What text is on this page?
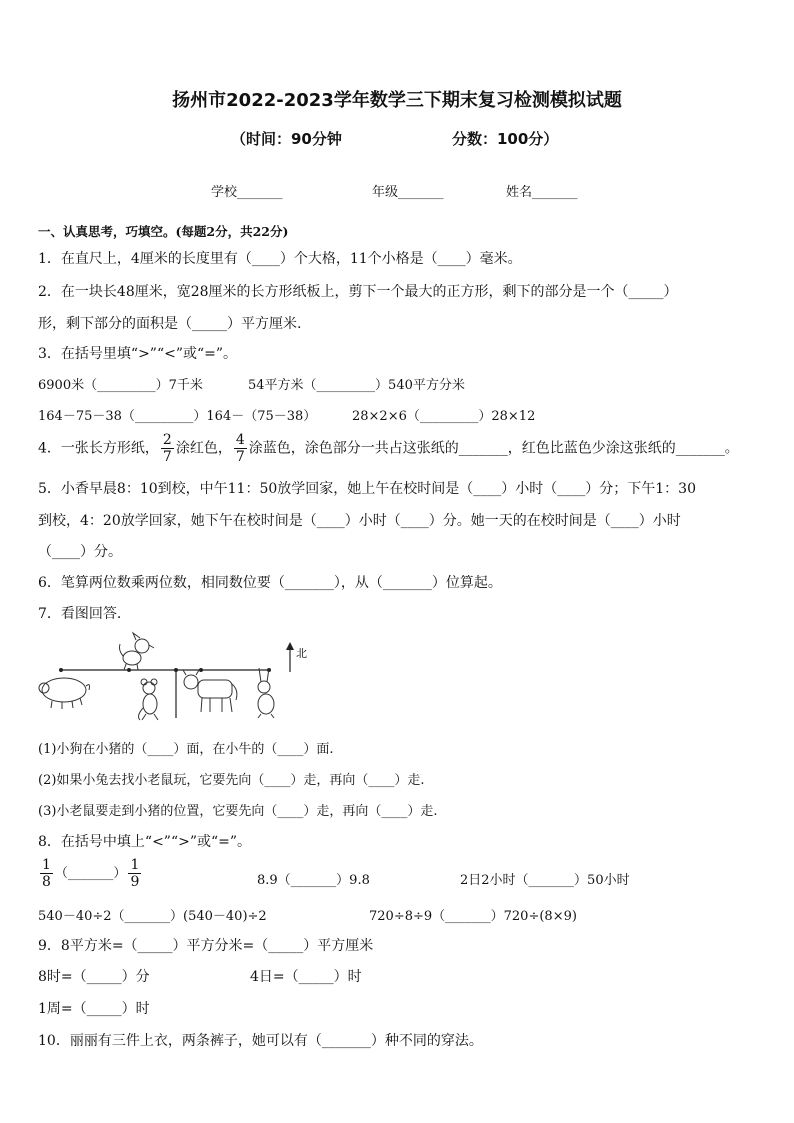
扬州市2022-2023学年数学三下期末复习检测模拟试题
（时间：90分钟	分数：100分）
学校_______	年级_______	姓名_______
一、认真思考，巧填空。(每题2分，共22分)
1．在直尺上，4厘米的长度里有（____）个大格，11个小格是（____）毫米。
2．在一块长48厘米，宽28厘米的长方形纸板上，剪下一个最大的正方形，剩下的部分是一个（_____）
形，剩下部分的面积是（_____）平方厘米.
3．在括号里填“>”“<”或“=”。
6900米（_________）7千米	54平方米（_________）540平方分米
164－75－38（_________）164－（75－38）	28×2×6（_________）28×12
4．一张长方形纸， $\frac{2}{7}$ 涂红色， $\frac{4}{7}$ 涂蓝色，涂色部分一共占这张纸的_______，红色比蓝色少涂这张纸的_______。
5．小香早晨8：10到校，中午11：50放学回家，她上午在校时间是（____）小时（____）分；下午1：30
到校，4：20放学回家，她下午在校时间是（____）小时（____）分。她一天的在校时间是（____）小时
（____）分。
6．笔算两位数乘两位数，相同数位要（_______），从（_______）位算起。
7．看图回答.
北
(1)小狗在小猪的（____）面，在小牛的（____）面.
(2)如果小兔去找小老鼠玩，它要先向（____）走，再向（____）走.
(3)小老鼠要走到小猪的位置，它要先向（____）走，再向（____）走.
8．在括号中填上“<”“>”或“=”。
$\frac{1}{8}$ （_______） $\frac{1}{9}$	8.9（_______）9.8	2日2小时（_______）50小时
540－40÷2（_______）(540－40)÷2	720÷8÷9（_______）720÷(8×9)
9．8平方米=（_____）平方分米=（_____）平方厘米
8时=（_____）分	4日=（_____）时
1周=（_____）时
10．丽丽有三件上衣，两条裤子，她可以有（_______）种不同的穿法。
